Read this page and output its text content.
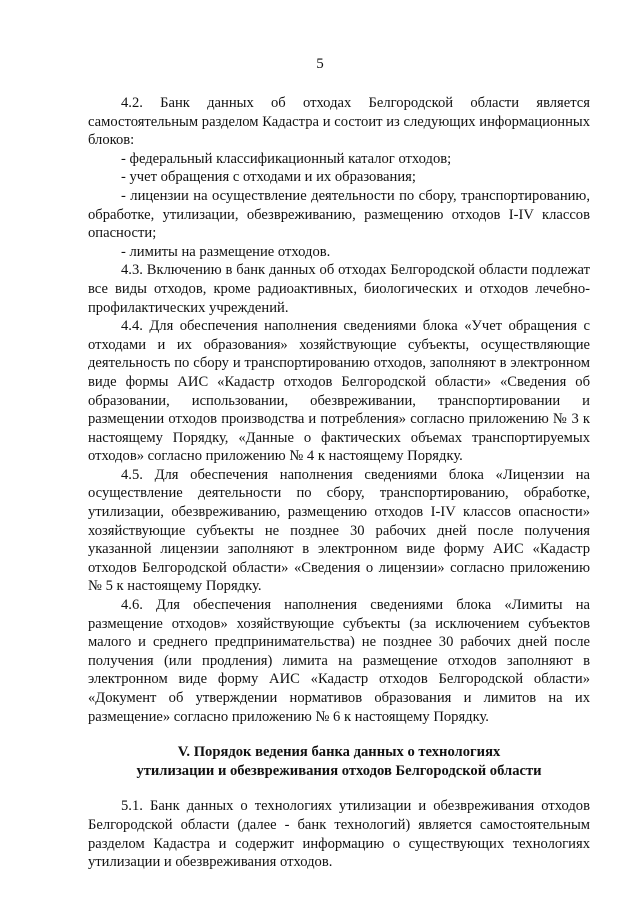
5

4.2. Банк данных об отходах Белгородской области является самостоятельным разделом Кадастра и состоит из следующих информационных блоков:

- федеральный классификационный каталог отходов;

- учет обращения с отходами и их образования;

- лицензии на осуществление деятельности по сбору, транспортированию, обработке, утилизации, обезвреживанию, размещению отходов I-IV классов опасности;

- лимиты на размещение отходов.

4.3. Включению в банк данных об отходах Белгородской области подлежат все виды отходов, кроме радиоактивных, биологических и отходов лечебно-профилактических учреждений.

4.4. Для обеспечения наполнения сведениями блока «Учет обращения с отходами и их образования» хозяйствующие субъекты, осуществляющие деятельность по сбору и транспортированию отходов, заполняют в электронном виде формы АИС «Кадастр отходов Белгородской области» «Сведения об образовании, использовании, обезвреживании, транспортировании и размещении отходов производства и потребления» согласно приложению № 3 к настоящему Порядку, «Данные о фактических объемах транспортируемых отходов» согласно приложению № 4 к настоящему Порядку.

4.5. Для обеспечения наполнения сведениями блока «Лицензии на осуществление деятельности по сбору, транспортированию, обработке, утилизации, обезвреживанию, размещению отходов I-IV классов опасности» хозяйствующие субъекты не позднее 30 рабочих дней после получения указанной лицензии заполняют в электронном виде форму АИС «Кадастр отходов Белгородской области» «Сведения о лицензии» согласно приложению № 5 к настоящему Порядку.

4.6. Для обеспечения наполнения сведениями блока «Лимиты на размещение отходов» хозяйствующие субъекты (за исключением субъектов малого и среднего предпринимательства) не позднее 30 рабочих дней после получения (или продления) лимита на размещение отходов заполняют в электронном виде форму АИС «Кадастр отходов Белгородской области» «Документ об утверждении нормативов образования и лимитов на их размещение» согласно приложению № 6 к настоящему Порядку.

V. Порядок ведения банка данных о технологиях

утилизации и обезвреживания отходов Белгородской области

5.1. Банк данных о технологиях утилизации и обезвреживания отходов Белгородской области (далее - банк технологий) является самостоятельным разделом Кадастра и содержит информацию о существующих технологиях утилизации и обезвреживания отходов.
